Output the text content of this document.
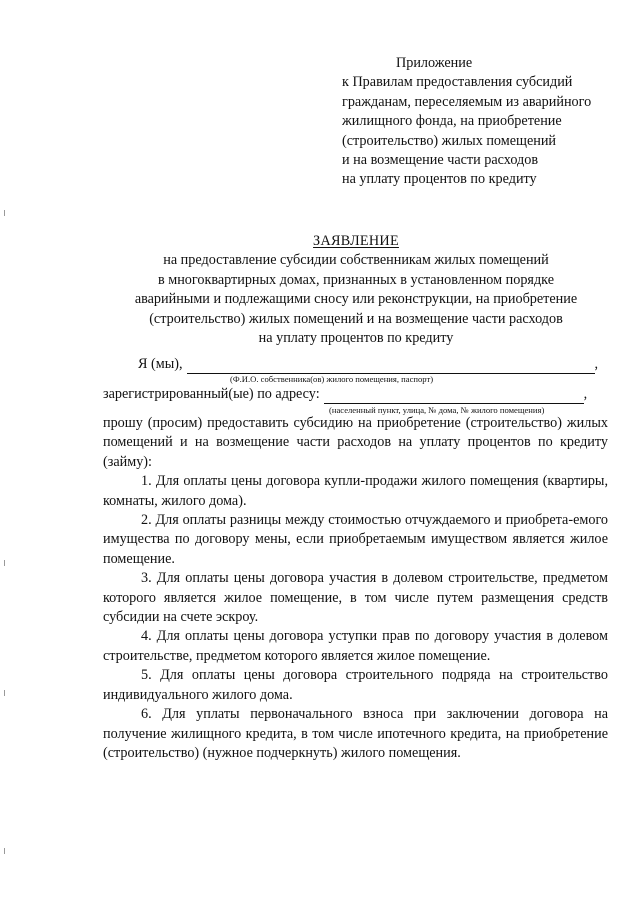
Приложение
к Правилам предоставления субсидий
гражданам, переселяемым из аварийного
жилищного фонда, на приобретение
(строительство) жилых помещений
и на возмещение части расходов
на уплату процентов по кредиту
ЗАЯВЛЕНИЕ
на предоставление субсидии собственникам жилых помещений
в многоквартирных домах, признанных в установленном порядке
аварийными и подлежащими сносу или реконструкции, на приобретение
(строительство) жилых помещений и на возмещение части расходов
на уплату процентов по кредиту
Я (мы),	,
(Ф.И.О. собственника(ов) жилого помещения, паспорт)
зарегистрированный(ые) по адресу:	,
(населенный пункт, улица, № дома, № жилого помещения)

прошу (просим) предоставить субсидию на приобретение (строительство) жилых помещений и на возмещение части расходов на уплату процентов по кредиту (займу):

1. Для оплаты цены договора купли-продажи жилого помещения (квартиры, комнаты, жилого дома).

2. Для оплаты разницы между стоимостью отчуждаемого и приобрета-емого имущества по договору мены, если приобретаемым имуществом является жилое помещение.

3. Для оплаты цены договора участия в долевом строительстве, предметом которого является жилое помещение, в том числе путем размещения средств субсидии на счете эскроу.

4. Для оплаты цены договора уступки прав по договору участия в долевом строительстве, предметом которого является жилое помещение.

5. Для оплаты цены договора строительного подряда на строительство индивидуального жилого дома.

6. Для уплаты первоначального взноса при заключении договора на получение жилищного кредита, в том числе ипотечного кредита, на приобретение (строительство) (нужное подчеркнуть) жилого помещения.
